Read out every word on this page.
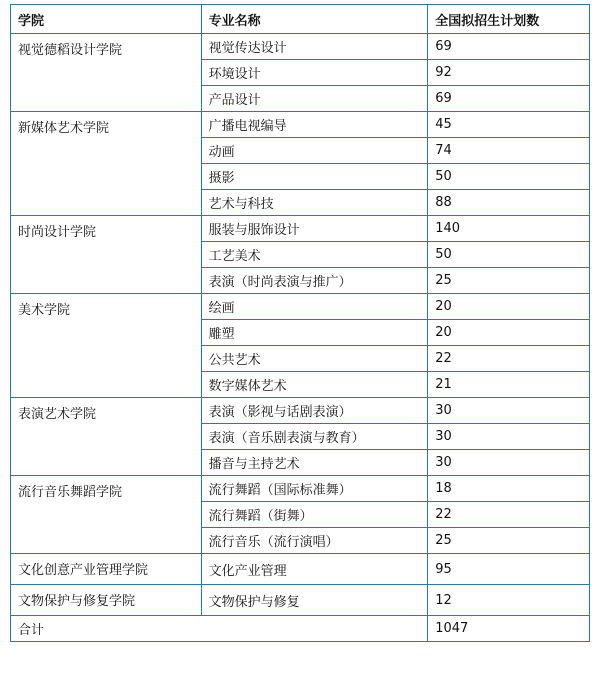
学院	专业名称	全国拟招生计划数
视觉德稻设计学院	视觉传达设计	69
	环境设计	92
	产品设计	69
新媒体艺术学院	广播电视编导	45
	动画	74
	摄影	50
	艺术与科技	88
时尚设计学院	服装与服饰设计	140
	工艺美术	50
	表演（时尚表演与推广）	25
美术学院	绘画	20
	雕塑	20
	公共艺术	22
	数字媒体艺术	21
表演艺术学院	表演（影视与话剧表演）	30
	表演（音乐剧表演与教育）	30
	播音与主持艺术	30
流行音乐舞蹈学院	流行舞蹈（国际标准舞）	18
	流行舞蹈（街舞）	22
	流行音乐（流行演唱）	25
文化创意产业管理学院	文化产业管理	95
文物保护与修复学院	文物保护与修复	12
合计		1047
